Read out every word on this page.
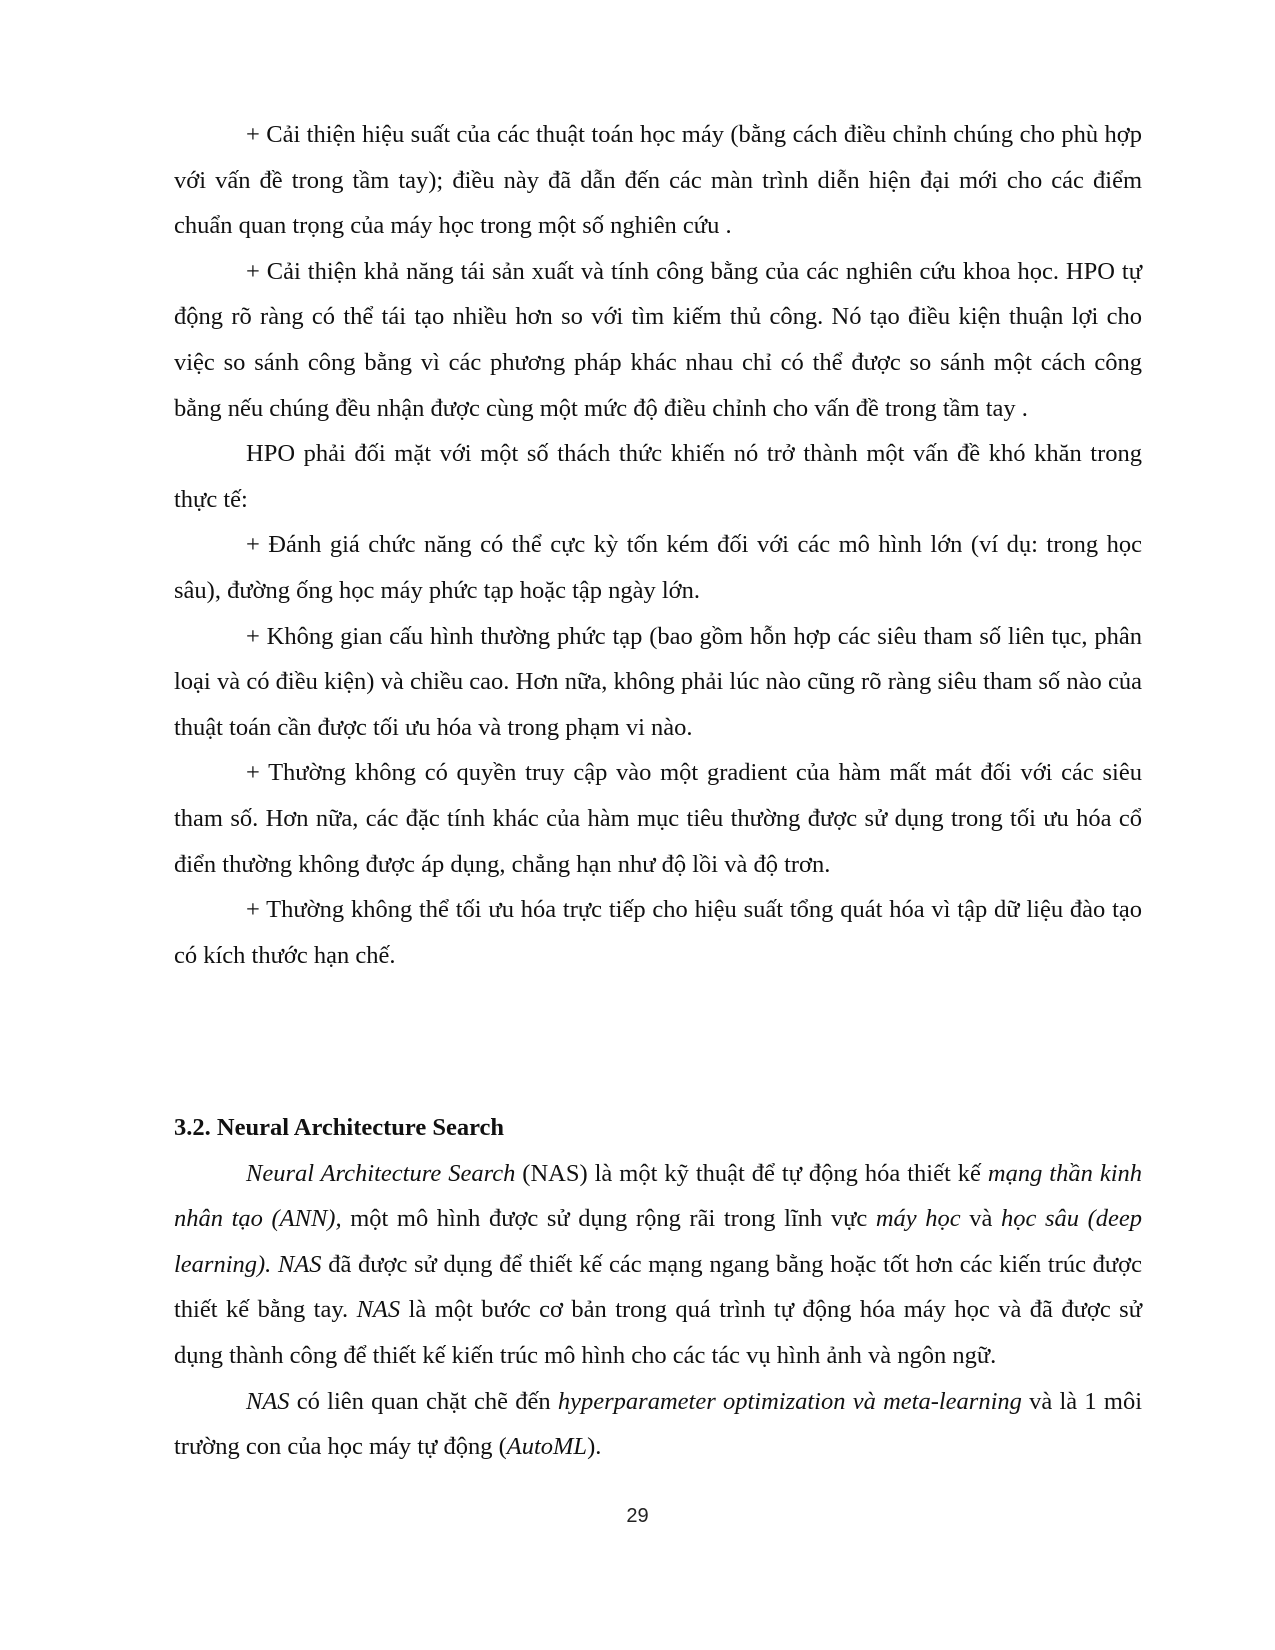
+ Cải thiện hiệu suất của các thuật toán học máy (bằng cách điều chỉnh chúng cho phù hợp với vấn đề trong tầm tay); điều này đã dẫn đến các màn trình diễn hiện đại mới cho các điểm chuẩn quan trọng của máy học trong một số nghiên cứu .

+ Cải thiện khả năng tái sản xuất và tính công bằng của các nghiên cứu khoa học. HPO tự động rõ ràng có thể tái tạo nhiều hơn so với tìm kiếm thủ công. Nó tạo điều kiện thuận lợi cho việc so sánh công bằng vì các phương pháp khác nhau chỉ có thể được so sánh một cách công bằng nếu chúng đều nhận được cùng một mức độ điều chỉnh cho vấn đề trong tầm tay .

HPO phải đối mặt với một số thách thức khiến nó trở thành một vấn đề khó khăn trong thực tế:

+ Đánh giá chức năng có thể cực kỳ tốn kém đối với các mô hình lớn (ví dụ: trong học sâu), đường ống học máy phức tạp hoặc tập ngày lớn.

+ Không gian cấu hình thường phức tạp (bao gồm hỗn hợp các siêu tham số liên tục, phân loại và có điều kiện) và chiều cao. Hơn nữa, không phải lúc nào cũng rõ ràng siêu tham số nào của thuật toán cần được tối ưu hóa và trong phạm vi nào.

+ Thường không có quyền truy cập vào một gradient của hàm mất mát đối với các siêu tham số. Hơn nữa, các đặc tính khác của hàm mục tiêu thường được sử dụng trong tối ưu hóa cổ điển thường không được áp dụng, chẳng hạn như độ lồi và độ trơn.

+ Thường không thể tối ưu hóa trực tiếp cho hiệu suất tổng quát hóa vì tập dữ liệu đào tạo có kích thước hạn chế.

3.2. Neural Architecture Search

Neural Architecture Search (NAS) là một kỹ thuật để tự động hóa thiết kế mạng thần kinh nhân tạo (ANN), một mô hình được sử dụng rộng rãi trong lĩnh vực máy học và học sâu (deep learning). NAS đã được sử dụng để thiết kế các mạng ngang bằng hoặc tốt hơn các kiến trúc được thiết kế bằng tay. NAS là một bước cơ bản trong quá trình tự động hóa máy học và đã được sử dụng thành công để thiết kế kiến trúc mô hình cho các tác vụ hình ảnh và ngôn ngữ.

NAS có liên quan chặt chẽ đến hyperparameter optimization và meta-learning và là 1 môi trường con của học máy tự động (AutoML).

29
